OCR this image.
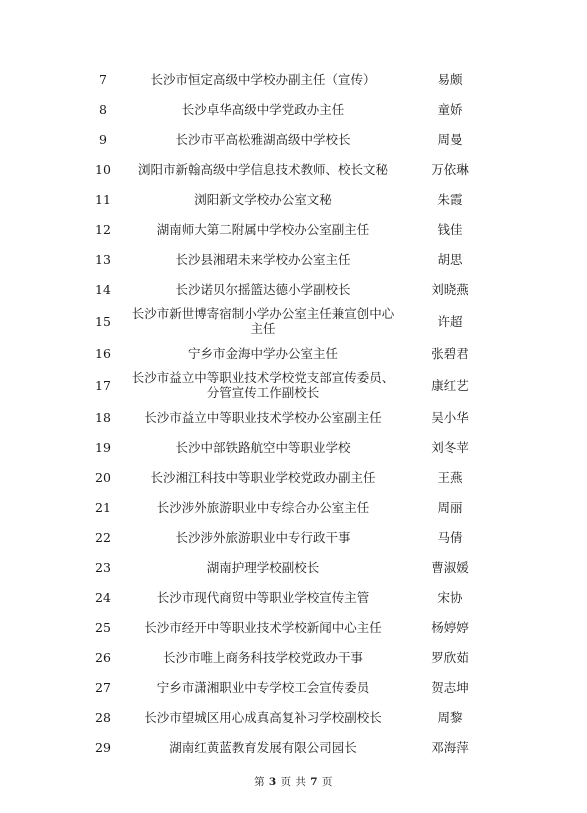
7	长沙市恒定高级中学校办副主任（宣传）	易颇
8	长沙卓华高级中学党政办主任	童娇
9	长沙市平高松雅湖高级中学校长	周曼
10	浏阳市新翰高级中学信息技术教师、校长文秘	万依琳
11	浏阳新文学校办公室文秘	朱霞
12	湖南师大第二附属中学校办公室副主任	钱佳
13	长沙县湘珺未来学校办公室主任	胡思
14	长沙诺贝尔摇篮达德小学副校长	刘晓燕
15	长沙市新世博寄宿制小学办公室主任兼宣创中心主任	许超
16	宁乡市金海中学办公室主任	张碧君
17	长沙市益立中等职业技术学校党支部宣传委员、分管宣传工作副校长	康红艺
18	长沙市益立中等职业技术学校办公室副主任	吴小华
19	长沙中部铁路航空中等职业学校	刘冬苹
20	长沙湘江科技中等职业学校党政办副主任	王燕
21	长沙涉外旅游职业中专综合办公室主任	周丽
22	长沙涉外旅游职业中专行政干事	马倩
23	湖南护理学校副校长	曹淑媛
24	长沙市现代商贸中等职业学校宣传主管	宋协
25	长沙市经开中等职业技术学校新闻中心主任	杨婷婷
26	长沙市唯上商务科技学校党政办干事	罗欣茹
27	宁乡市潇湘职业中专学校工会宣传委员	贺志坤
28	长沙市望城区用心成真高复补习学校副校长	周黎
29	湖南红黄蓝教育发展有限公司园长	邓海萍
第 3 页 共 7 页
